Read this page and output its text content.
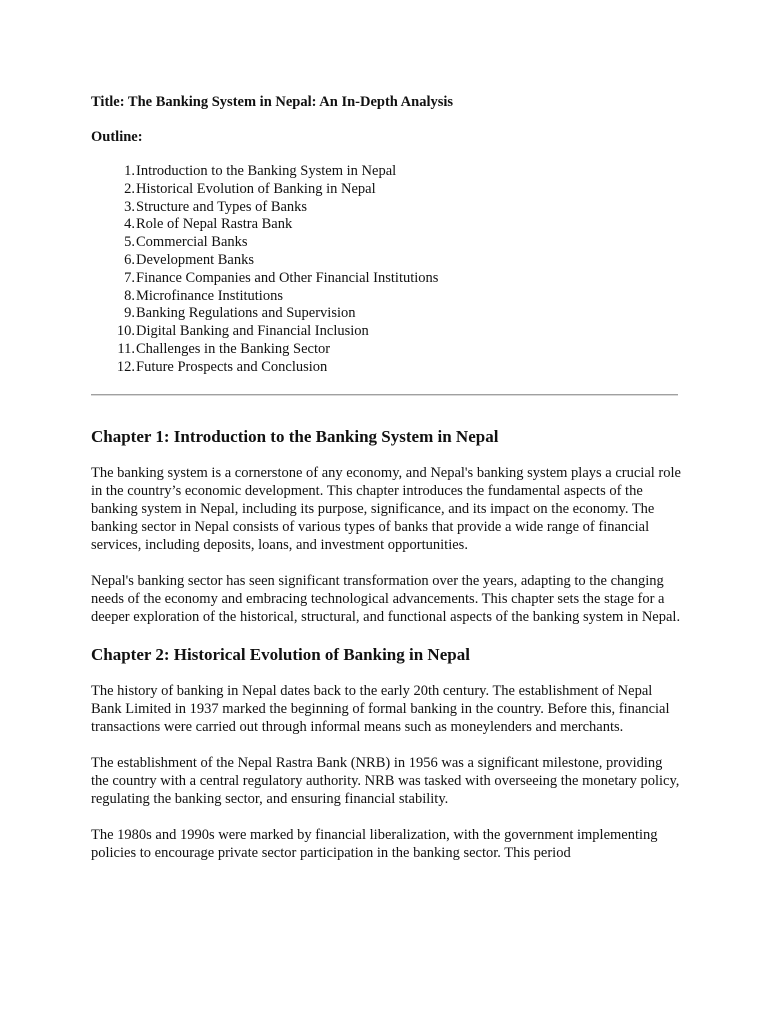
Title: The Banking System in Nepal: An In-Depth Analysis

Outline:

1. Introduction to the Banking System in Nepal
2. Historical Evolution of Banking in Nepal
3. Structure and Types of Banks
4. Role of Nepal Rastra Bank
5. Commercial Banks
6. Development Banks
7. Finance Companies and Other Financial Institutions
8. Microfinance Institutions
9. Banking Regulations and Supervision
10. Digital Banking and Financial Inclusion
11. Challenges in the Banking Sector
12. Future Prospects and Conclusion
Chapter 1: Introduction to the Banking System in Nepal

The banking system is a cornerstone of any economy, and Nepal's banking system plays a crucial role in the country’s economic development. This chapter introduces the fundamental aspects of the banking system in Nepal, including its purpose, significance, and its impact on the economy. The banking sector in Nepal consists of various types of banks that provide a wide range of financial services, including deposits, loans, and investment opportunities.

Nepal's banking sector has seen significant transformation over the years, adapting to the changing needs of the economy and embracing technological advancements. This chapter sets the stage for a deeper exploration of the historical, structural, and functional aspects of the banking system in Nepal.

Chapter 2: Historical Evolution of Banking in Nepal

The history of banking in Nepal dates back to the early 20th century. The establishment of Nepal Bank Limited in 1937 marked the beginning of formal banking in the country. Before this, financial transactions were carried out through informal means such as moneylenders and merchants.

The establishment of the Nepal Rastra Bank (NRB) in 1956 was a significant milestone, providing the country with a central regulatory authority. NRB was tasked with overseeing the monetary policy, regulating the banking sector, and ensuring financial stability.

The 1980s and 1990s were marked by financial liberalization, with the government implementing policies to encourage private sector participation in the banking sector. This period
